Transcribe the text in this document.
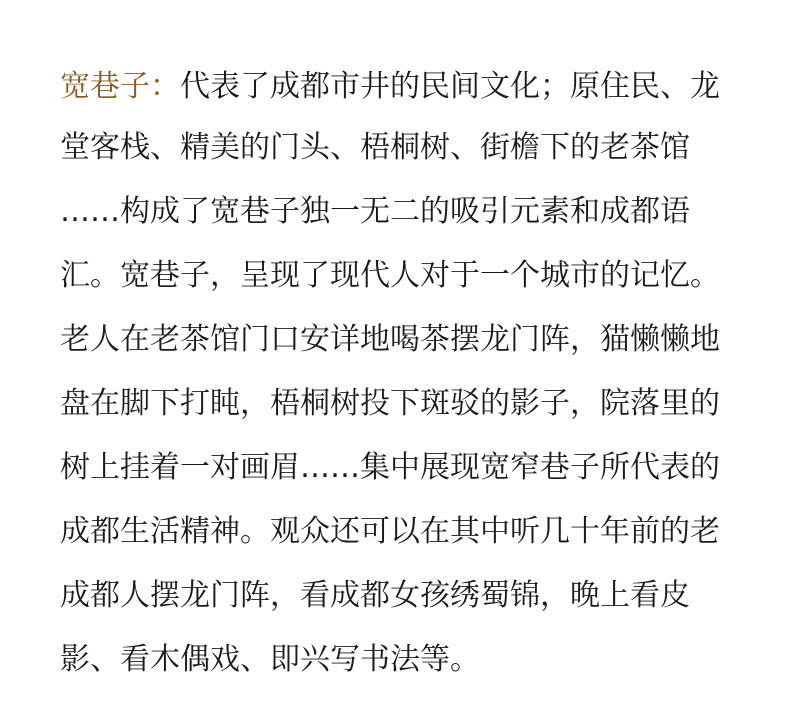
宽巷子：代表了成都市井的民间文化；原住民、龙
堂客栈、精美的门头、梧桐树、街檐下的老茶馆
……构成了宽巷子独一无二的吸引元素和成都语
汇。宽巷子，呈现了现代人对于一个城市的记忆。
老人在老茶馆门口安详地喝茶摆龙门阵，猫懒懒地
盘在脚下打盹，梧桐树投下斑驳的影子，院落里的
树上挂着一对画眉……集中展现宽窄巷子所代表的
成都生活精神。观众还可以在其中听几十年前的老
成都人摆龙门阵，看成都女孩绣蜀锦，晚上看皮
影、看木偶戏、即兴写书法等。
